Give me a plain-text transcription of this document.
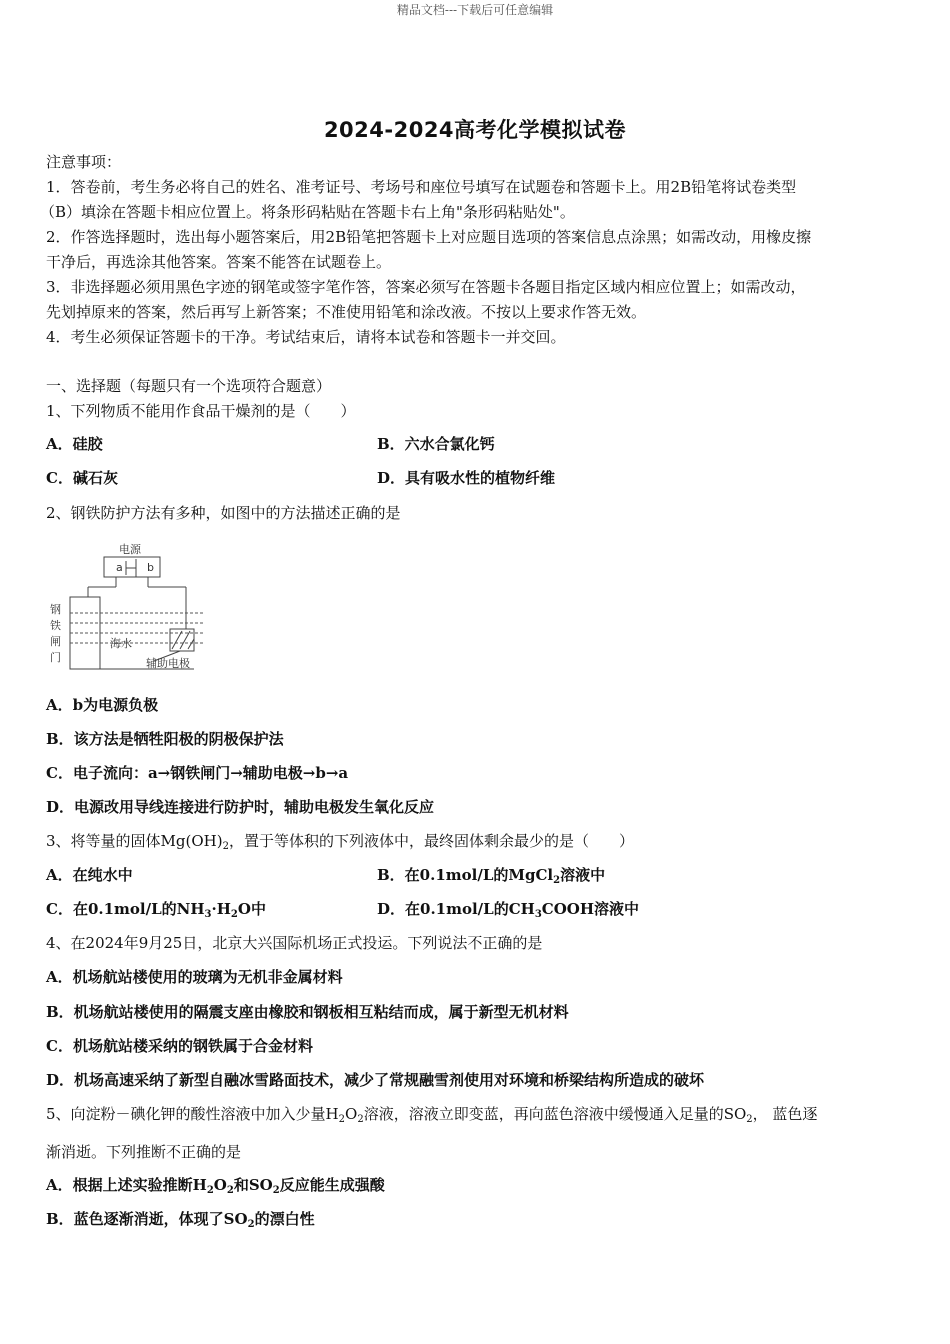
精品文档---下载后可任意编辑
2024-2024高考化学模拟试卷
注意事项：
1．答卷前，考生务必将自己的姓名、准考证号、考场号和座位号填写在试题卷和答题卡上。用2B铅笔将试卷类型
（B）填涂在答题卡相应位置上。将条形码粘贴在答题卡右上角"条形码粘贴处"。
2．作答选择题时，选出每小题答案后，用2B铅笔把答题卡上对应题目选项的答案信息点涂黑；如需改动，用橡皮擦
干净后，再选涂其他答案。答案不能答在试题卷上。
3．非选择题必须用黑色字迹的钢笔或签字笔作答，答案必须写在答题卡各题目指定区域内相应位置上；如需改动，
先划掉原来的答案，然后再写上新答案；不准使用铅笔和涂改液。不按以上要求作答无效。
4．考生必须保证答题卡的干净。考试结束后，请将本试卷和答题卡一并交回。
一、选择题（每题只有一个选项符合题意）
1、下列物质不能用作食品干燥剂的是（　　）
A．硅胶	B．六水合氯化钙
C．碱石灰	D．具有吸水性的植物纤维
2、钢铁防护方法有多种，如图中的方法描述正确的是
电源
a b
海水
辅助电极
钢
铁
闸
门
A．b为电源负极
B．该方法是牺牲阳极的阴极保护法
C．电子流向：a→钢铁闸门→辅助电极→b→a
D．电源改用导线连接进行防护时，辅助电极发生氧化反应
3、将等量的固体$Mg(OH)_2$，置于等体积的下列液体中，最终固体剩余最少的是（　　）
A．在纯水中	B．在0.1mol/L的MgCl$_2$溶液中
C．在0.1mol/L的$NH_3\cdot H_2O$中	D．在0.1mol/L的$CH_3COOH$溶液中
4、在2024年9月25日，北京大兴国际机场正式投运。下列说法不正确的是
A．机场航站楼使用的玻璃为无机非金属材料
B．机场航站楼使用的隔震支座由橡胶和钢板相互粘结而成，属于新型无机材料
C．机场航站楼采纳的钢铁属于合金材料
D．机场高速采纳了新型自融冰雪路面技术，减少了常规融雪剂使用对环境和桥梁结构所造成的破坏
5、向淀粉－碘化钾的酸性溶液中加入少量$H_2O_2$溶液，溶液立即变蓝，再向蓝色溶液中缓慢通入足量的$SO_2$， 蓝色逐
渐消逝。下列推断不正确的是
A．根据上述实验推断$H_2O_2$和$SO_2$反应能生成强酸
B．蓝色逐渐消逝，体现了$SO_2$的漂白性
